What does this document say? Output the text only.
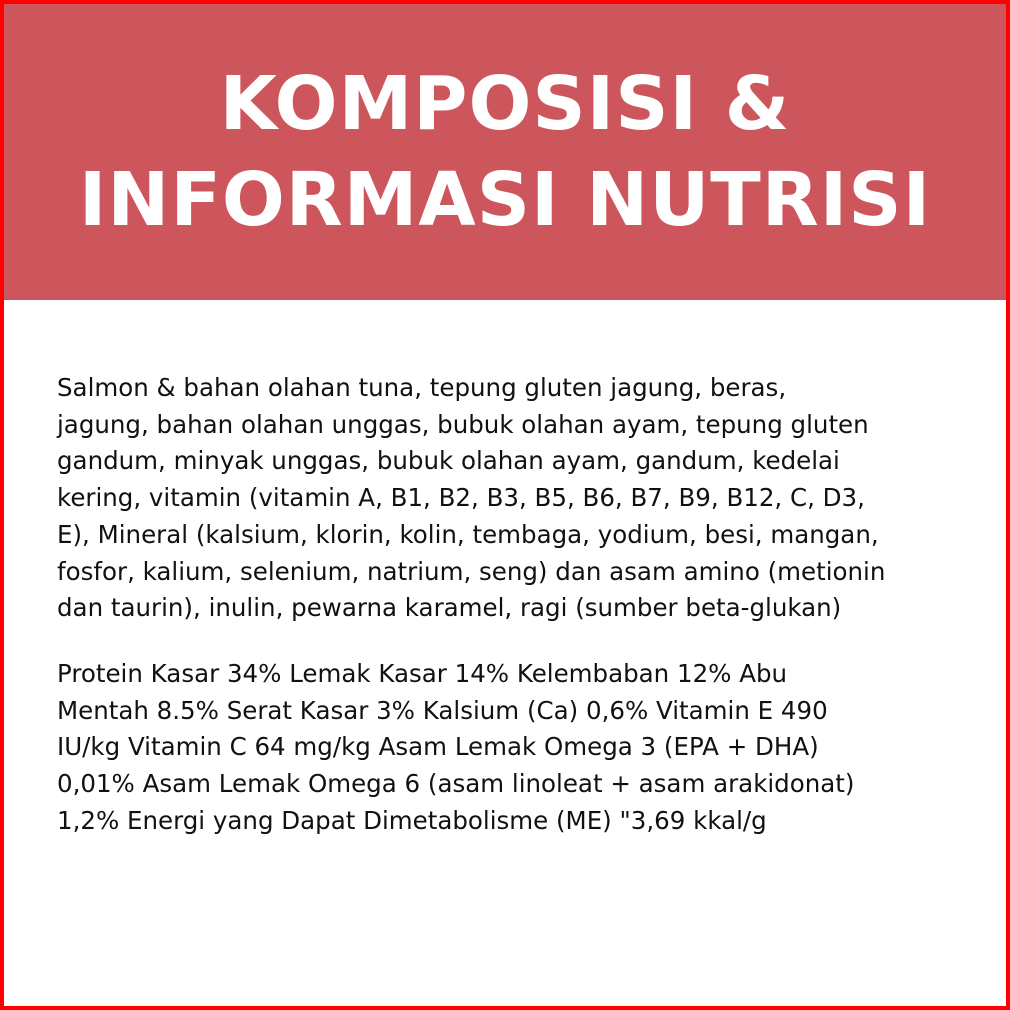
KOMPOSISI &
INFORMASI NUTRISI
Salmon & bahan olahan tuna, tepung gluten jagung, beras,
jagung, bahan olahan unggas, bubuk olahan ayam, tepung gluten
gandum, minyak unggas, bubuk olahan ayam, gandum, kedelai
kering, vitamin (vitamin A, B1, B2, B3, B5, B6, B7, B9, B12, C, D3,
E), Mineral (kalsium, klorin, kolin, tembaga, yodium, besi, mangan,
fosfor, kalium, selenium, natrium, seng) dan asam amino (metionin
dan taurin), inulin, pewarna karamel, ragi (sumber beta-glukan)
Protein Kasar 34% Lemak Kasar 14% Kelembaban 12% Abu
Mentah 8.5% Serat Kasar 3% Kalsium (Ca) 0,6% Vitamin E 490
IU/kg Vitamin C 64 mg/kg Asam Lemak Omega 3 (EPA + DHA)
0,01% Asam Lemak Omega 6 (asam linoleat + asam arakidonat)
1,2% Energi yang Dapat Dimetabolisme (ME) "3,69 kkal/g
